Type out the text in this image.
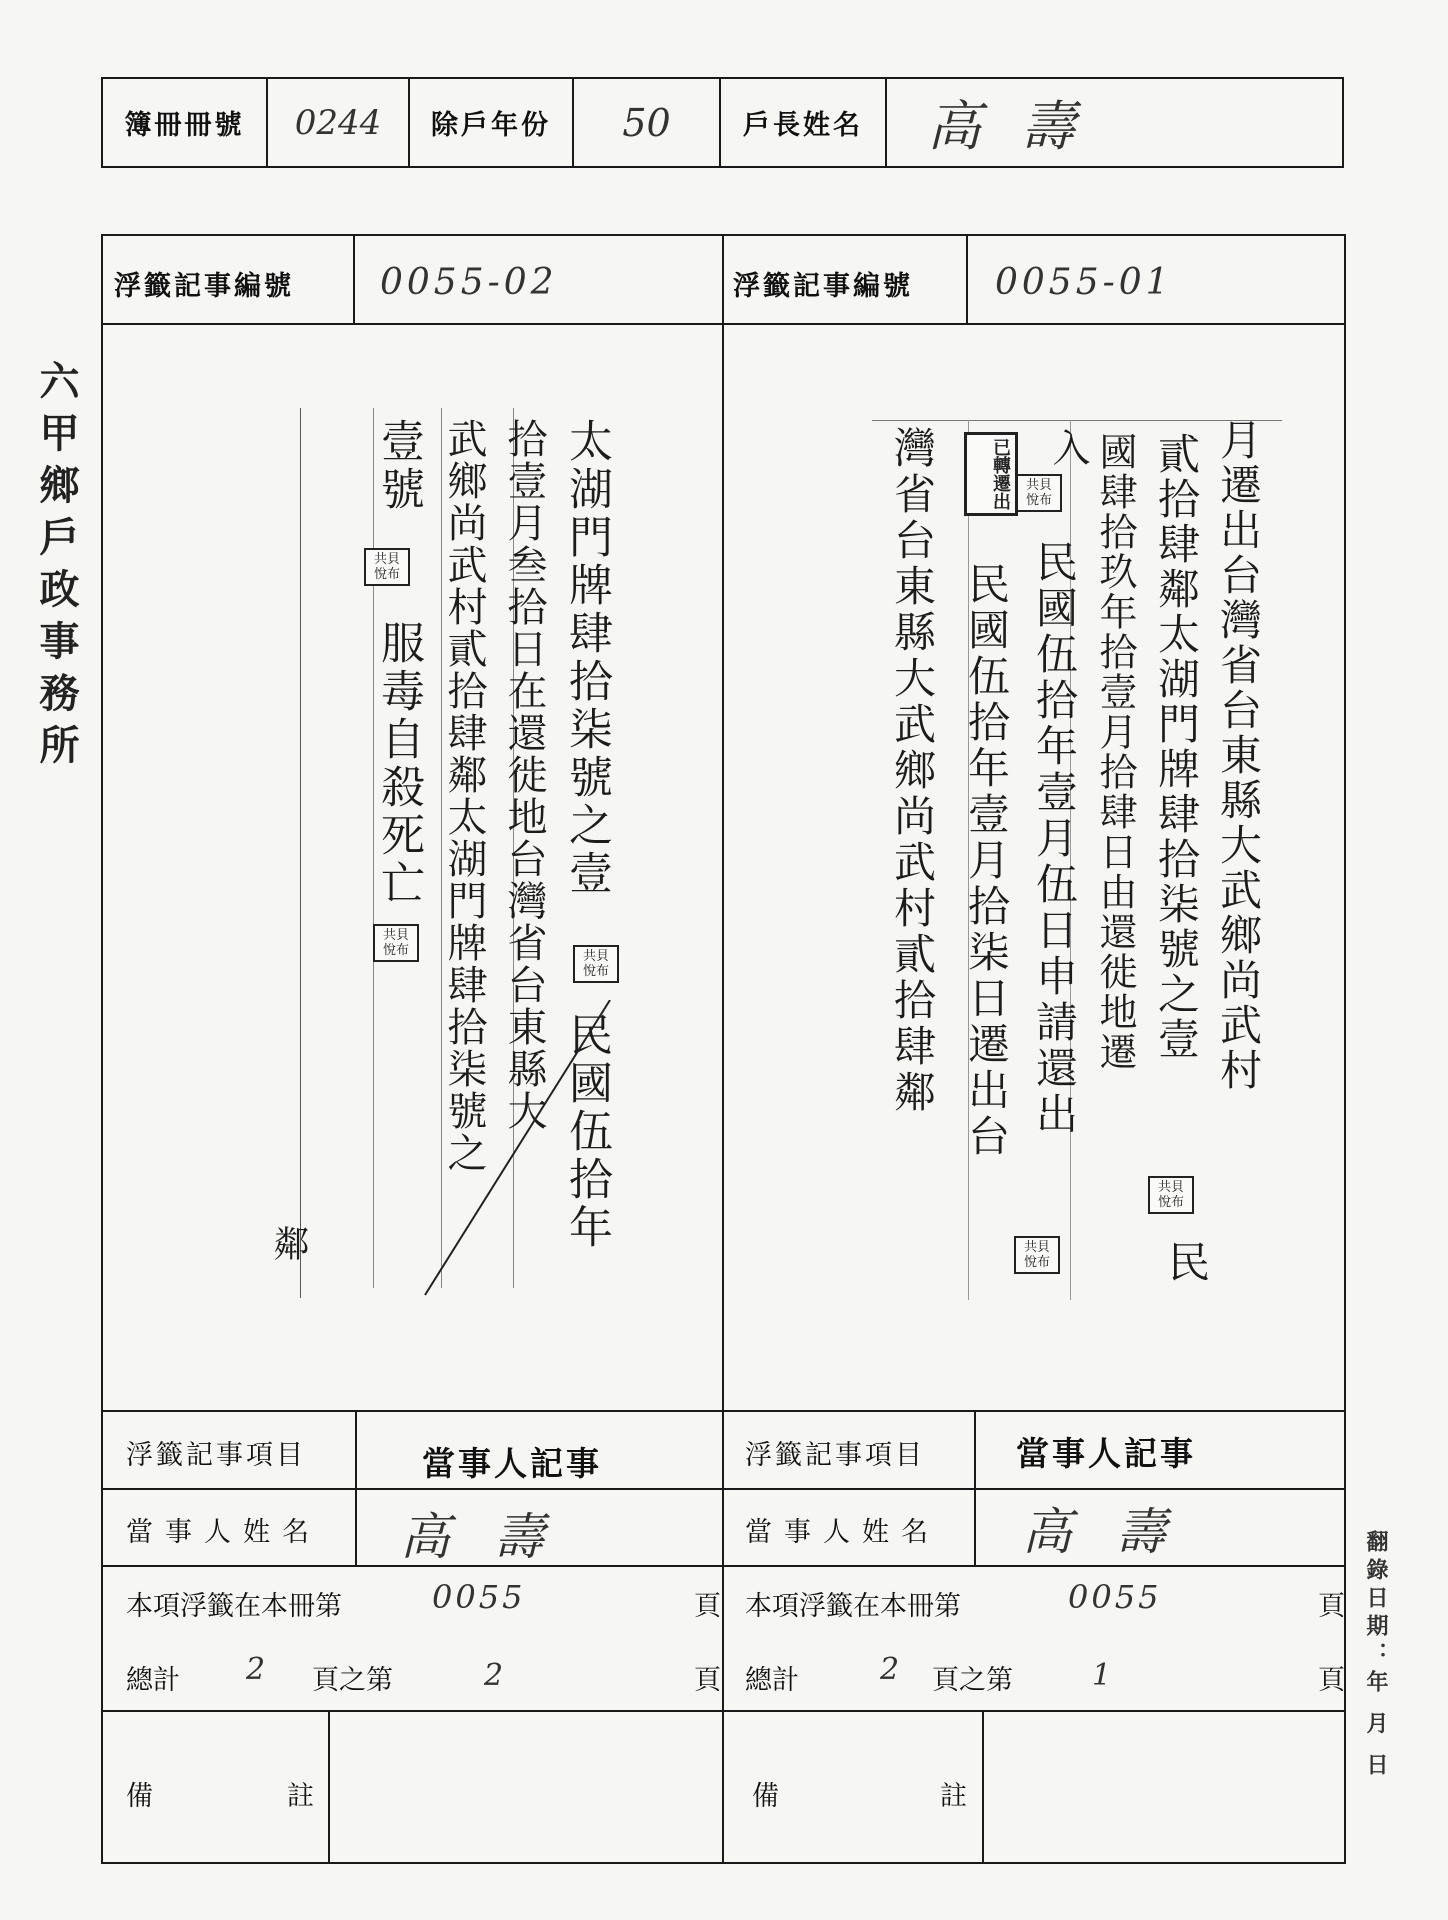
六甲鄉戶政事務所
翻錄日期：年 月 日
簿冊冊號 0244 除戶年份 50	戶長姓名 高壽
浮籤記事編號 0055-02
太湖門牌肆拾柒號之壹
民國伍拾年
拾壹月叁拾日在還徙地台灣省台東縣大
武鄉尚武村貳拾肆鄰太湖門牌肆拾柒號之
壹號
服毒自殺死亡
鄰
共貝悅布
共貝悅布	共貝悅布
浮籤記事項目	當事人記事
當事人姓名 高壽
本項浮籤在本冊第	0055	頁
總計 2 頁之第	2	頁
備	註
浮籤記事編號 0055-01
月遷出台灣省台東縣大武鄉尚武村
貳拾肆鄰太湖門牌肆拾柒號之壹
民
國肆拾玖年拾壹月拾肆日由還徙地遷
入
民國伍拾年壹月伍日申請還出
民國伍拾年壹月拾柒日遷出台
灣省台東縣大武鄉尚武村貳拾肆鄰	已轉遷出	共貝悅布
共貝悅布
共貝悅布
浮籤記事項目	當事人記事
當事人姓名 高壽
本項浮籤在本冊第	0055	頁
總計	2 頁之第	1	頁
備	註
